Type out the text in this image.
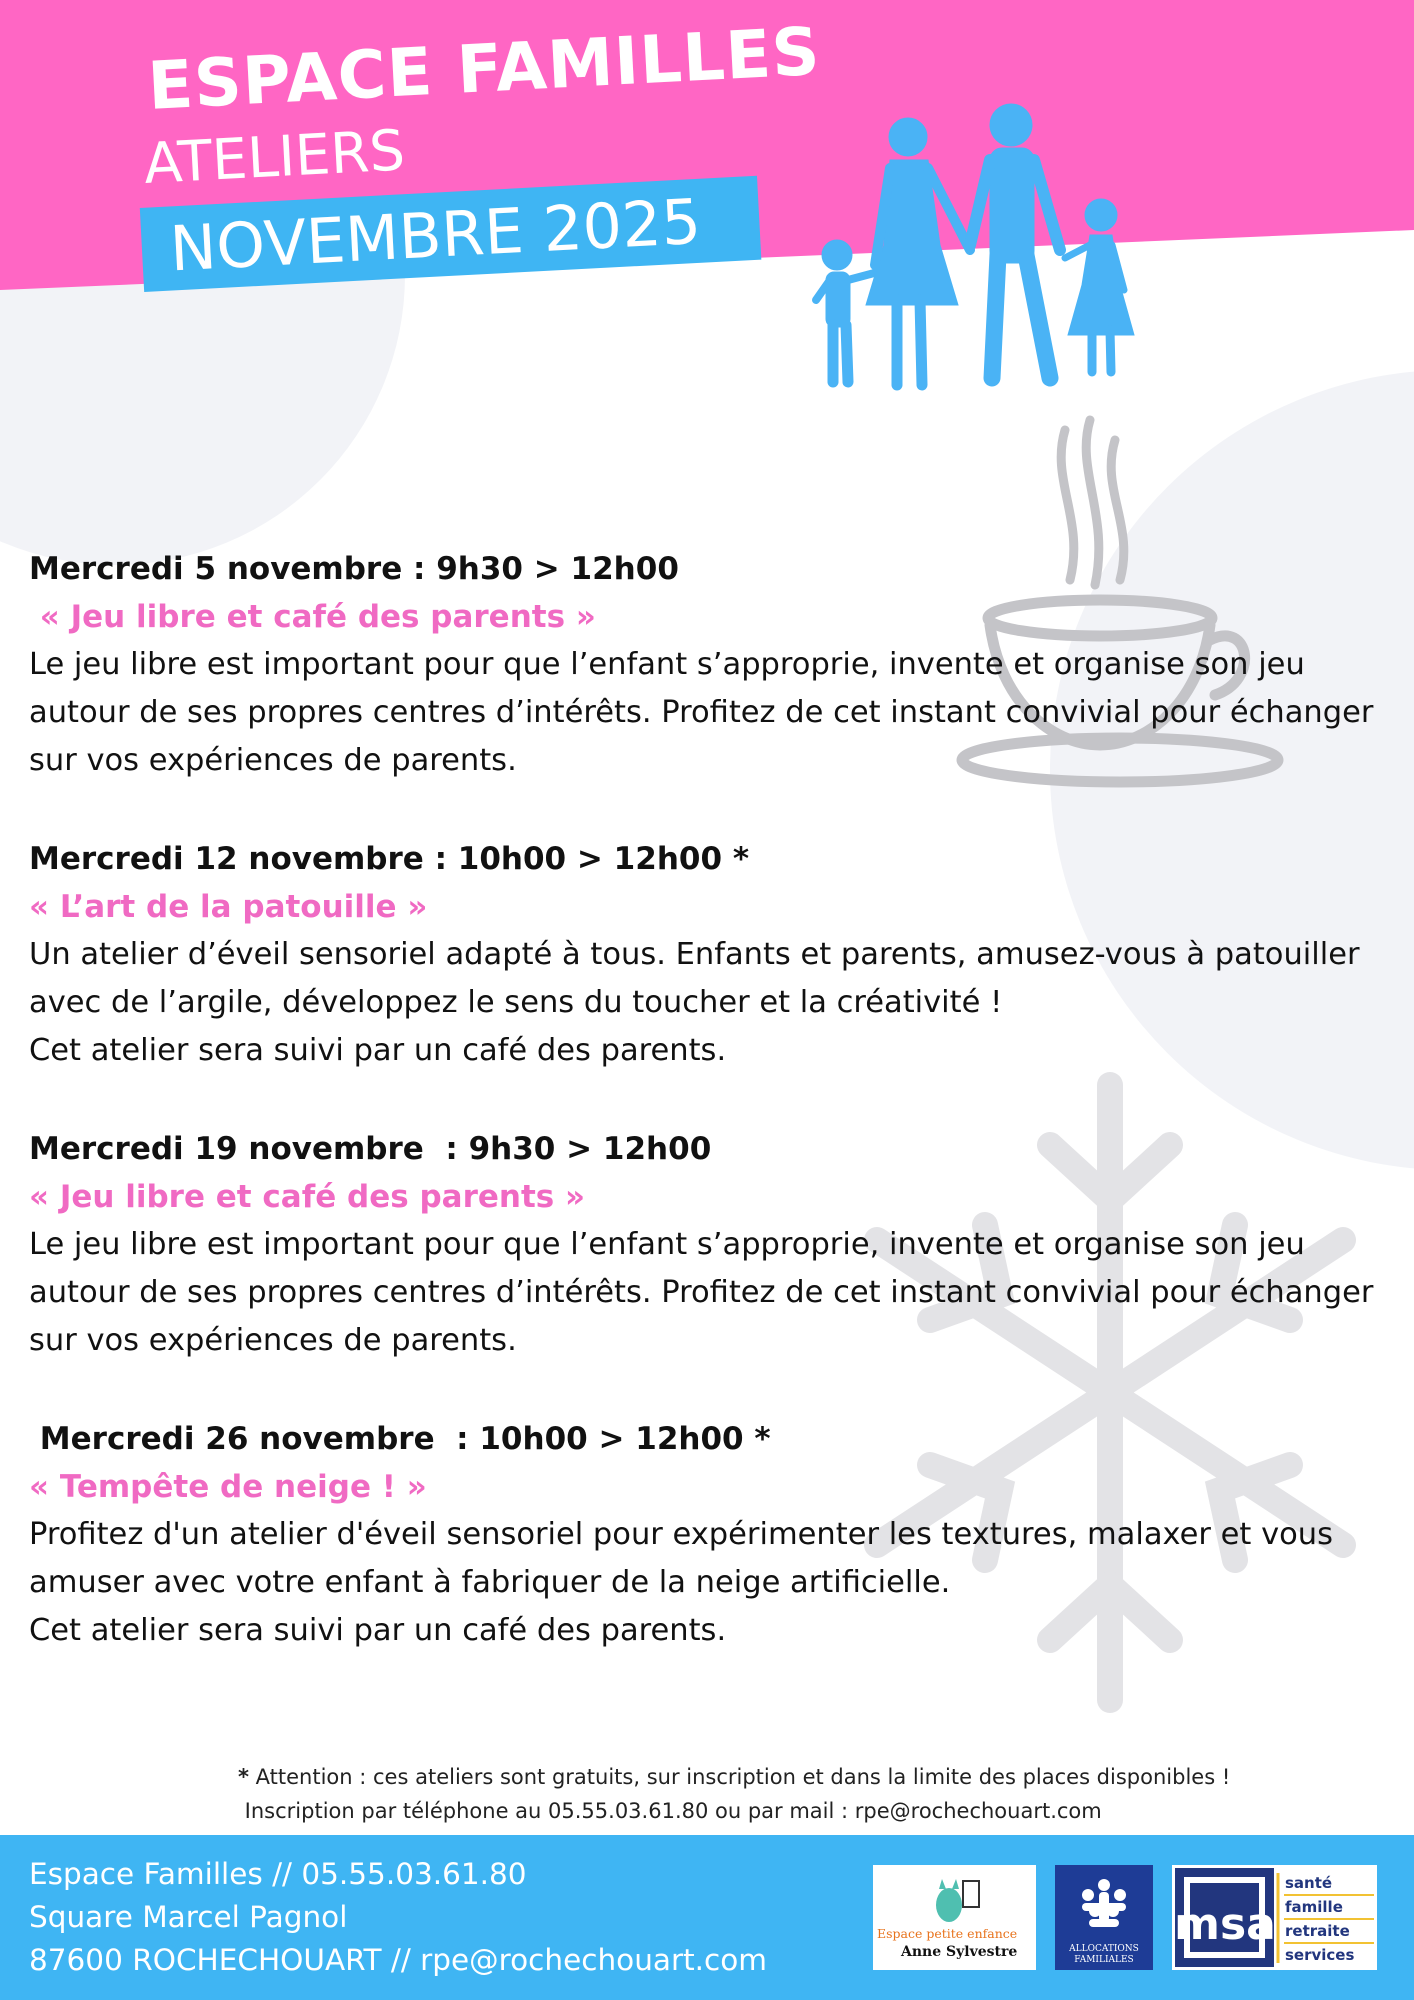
ESPACE FAMILLES
ATELIERS
NOVEMBRE 2025

Mercredi 5 novembre : 9h30 > 12h00

« Jeu libre et café des parents »

Le jeu libre est important pour que l’enfant s’approprie, invente et organise son jeu
autour de ses propres centres d’intérêts. Profitez de cet instant convivial pour échanger
sur vos expériences de parents.

Mercredi 12 novembre : 10h00 > 12h00 *

« L’art de la patouille »

Un atelier d’éveil sensoriel adapté à tous. Enfants et parents, amusez-vous à patouiller
avec de l’argile, développez le sens du toucher et la créativité !
Cet atelier sera suivi par un café des parents.

Mercredi 19 novembre  : 9h30 > 12h00

« Jeu libre et café des parents »

Le jeu libre est important pour que l’enfant s’approprie, invente et organise son jeu
autour de ses propres centres d’intérêts. Profitez de cet instant convivial pour échanger
sur vos expériences de parents.

Mercredi 26 novembre  : 10h00 > 12h00 *

« Tempête de neige ! »

Profitez d'un atelier d'éveil sensoriel pour expérimenter les textures, malaxer et vous
amuser avec votre enfant à fabriquer de la neige artificielle.
Cet atelier sera suivi par un café des parents.

* Attention : ces ateliers sont gratuits, sur inscription et dans la limite des places disponibles !
Inscription par téléphone au 05.55.03.61.80 ou par mail : rpe@rochechouart.com
Espace Familles // 05.55.03.61.80
Square Marcel Pagnol
87600 ROCHECHOUART // rpe@rochechouart.com
Espace petite enfance
Anne Sylvestre	ALLOCATIONS
FAMILIALES
msa
santé
famille
retraite
services
